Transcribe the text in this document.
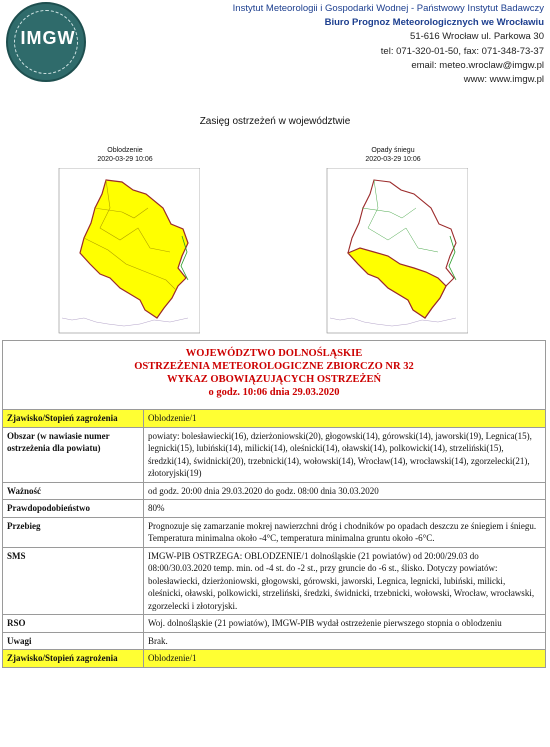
IMGW
Instytut Meteorologii i Gospodarki Wodnej - Państwowy Instytut Badawczy
Biuro Prognoz Meteorologicznych we Wrocławiu
51-616 Wrocław ul. Parkowa 30
tel: 071-320-01-50, fax: 071-348-73-37
email: meteo.wroclaw@imgw.pl
www: www.imgw.pl
Zasięg ostrzeżeń w województwie
Oblodzenie
2020-03-29 10:06
Opady śniegu
2020-03-29 10:06
WOJEWÓDZTWO DOLNOŚLĄSKIE
OSTRZEŻENIA METEOROLOGICZNE ZBIORCZO NR 32
WYKAZ OBOWIĄZUJĄCYCH OSTRZEŻEŃ
o godz. 10:06 dnia 29.03.2020	

Zjawisko/Stopień zagrożenia	Oblodzenie/1
Obszar (w nawiasie numer ostrzeżenia dla powiatu)	powiaty: bolesławiecki(16), dzierżoniowski(20), głogowski(14), górowski(14), jaworski(19), Legnica(15), legnicki(15), lubiński(14), milicki(14), oleśnicki(14), oławski(14), polkowicki(14), strzeliński(15), średzki(14), świdnicki(20), trzebnicki(14), wołowski(14), Wrocław(14), wrocławski(14), zgorzelecki(21), złotoryjski(19)
Ważność	od godz. 20:00 dnia 29.03.2020 do godz. 08:00 dnia 30.03.2020
Prawdopodobieństwo	80%
Przebieg	Prognozuje się zamarzanie mokrej nawierzchni dróg i chodników po opadach deszczu ze śniegiem i śniegu. Temperatura minimalna około -4°C, temperatura minimalna gruntu około -6°C.
SMS	IMGW-PIB OSTRZEGA: OBLODZENIE/1 dolnośląskie (21 powiatów) od 20:00/29.03 do 08:00/30.03.2020 temp. min. od -4 st. do -2 st., przy gruncie do -6 st., ślisko. Dotyczy powiatów: bolesławiecki, dzierżoniowski, głogowski, górowski, jaworski, Legnica, legnicki, lubiński, milicki, oleśnicki, oławski, polkowicki, strzeliński, średzki, świdnicki, trzebnicki, wołowski, Wrocław, wrocławski, zgorzelecki i złotoryjski.
RSO	Woj. dolnośląskie (21 powiatów), IMGW-PIB wydał ostrzeżenie pierwszego stopnia o oblodzeniu
Uwagi	Brak.
Zjawisko/Stopień zagrożenia	Oblodzenie/1
